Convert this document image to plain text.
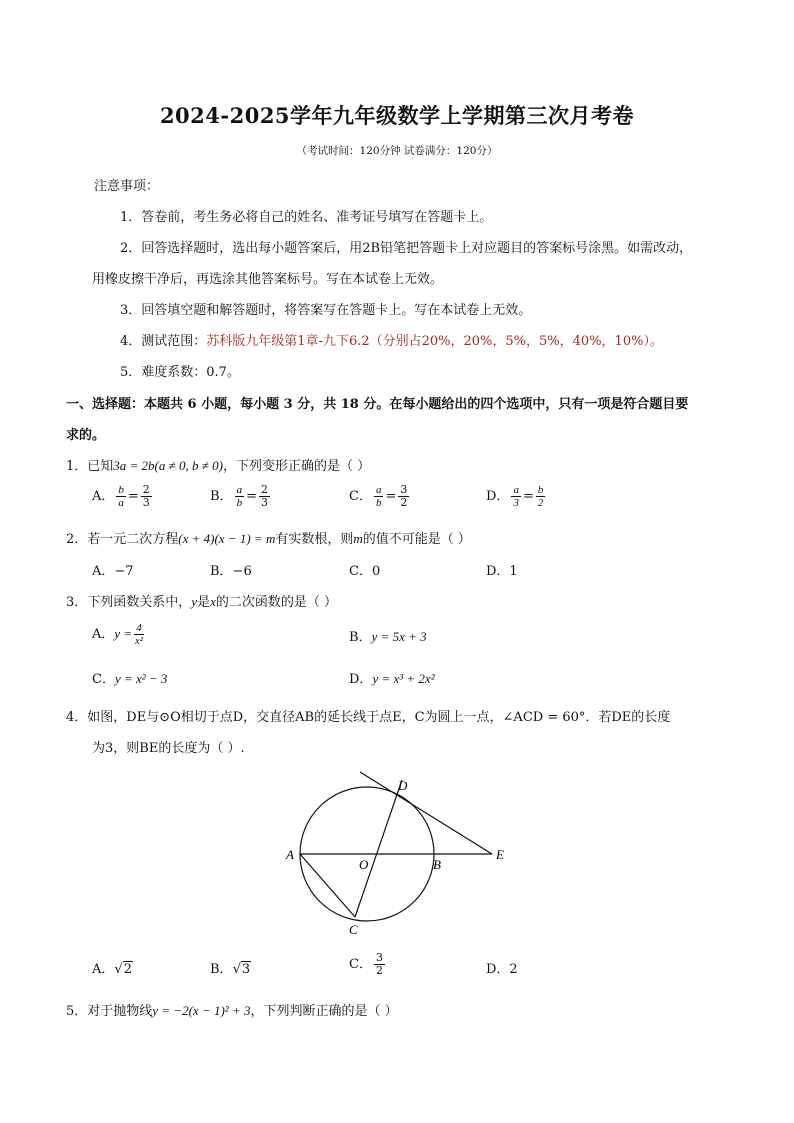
2024-2025学年九年级数学上学期第三次月考卷
（考试时间：120分钟 试卷满分：120分）
注意事项：
1．答卷前，考生务必将自己的姓名、准考证号填写在答题卡上。
2．回答选择题时，选出每小题答案后，用2B铅笔把答题卡上对应题目的答案标号涂黑。如需改动，
用橡皮擦干净后，再选涂其他答案标号。写在本试卷上无效。
3．回答填空题和解答题时，将答案写在答题卡上。写在本试卷上无效。
4．测试范围：苏科版九年级第1章-九下6.2（分别占20%，20%，5%，5%，40%，10%）。
5．难度系数：0.7。
一、选择题：本题共 6 小题，每小题 3 分，共 18 分。在每小题给出的四个选项中，只有一项是符合题目要
求的。
1．已知3a = 2b(a ≠ 0, b ≠ 0)，下列变形正确的是（ ）
A． $\frac{b}{a} = \frac{2}{3}$	B． $\frac{a}{b} = \frac{2}{3}$	C． $\frac{a}{b} = \frac{3}{2}$	D． $\frac{a}{3} = \frac{b}{2}$
2．若一元二次方程(x + 4)(x − 1) = m有实数根，则m的值不可能是（ ）
A．−7	B．−6	C．0	D．1
3．下列函数关系中，y是x的二次函数的是（ ）
A．$y = \frac{4}{\text{x²}}$	B．y = 5x + 3
C．y = x² − 3	D．y = x³ + 2x²
4．如图，DE与⊙O相切于点D，交直径AB的延长线于点E，C为圆上一点，∠ACD = 60°．若DE的长度
为3，则BE的长度为（ ）.
A
O	B
E
D
C
A．√2	B．√3	C． $\frac{3}{2}$	D．2
5．对于抛物线y = −2(x − 1)² + 3，下列判断正确的是（ ）
